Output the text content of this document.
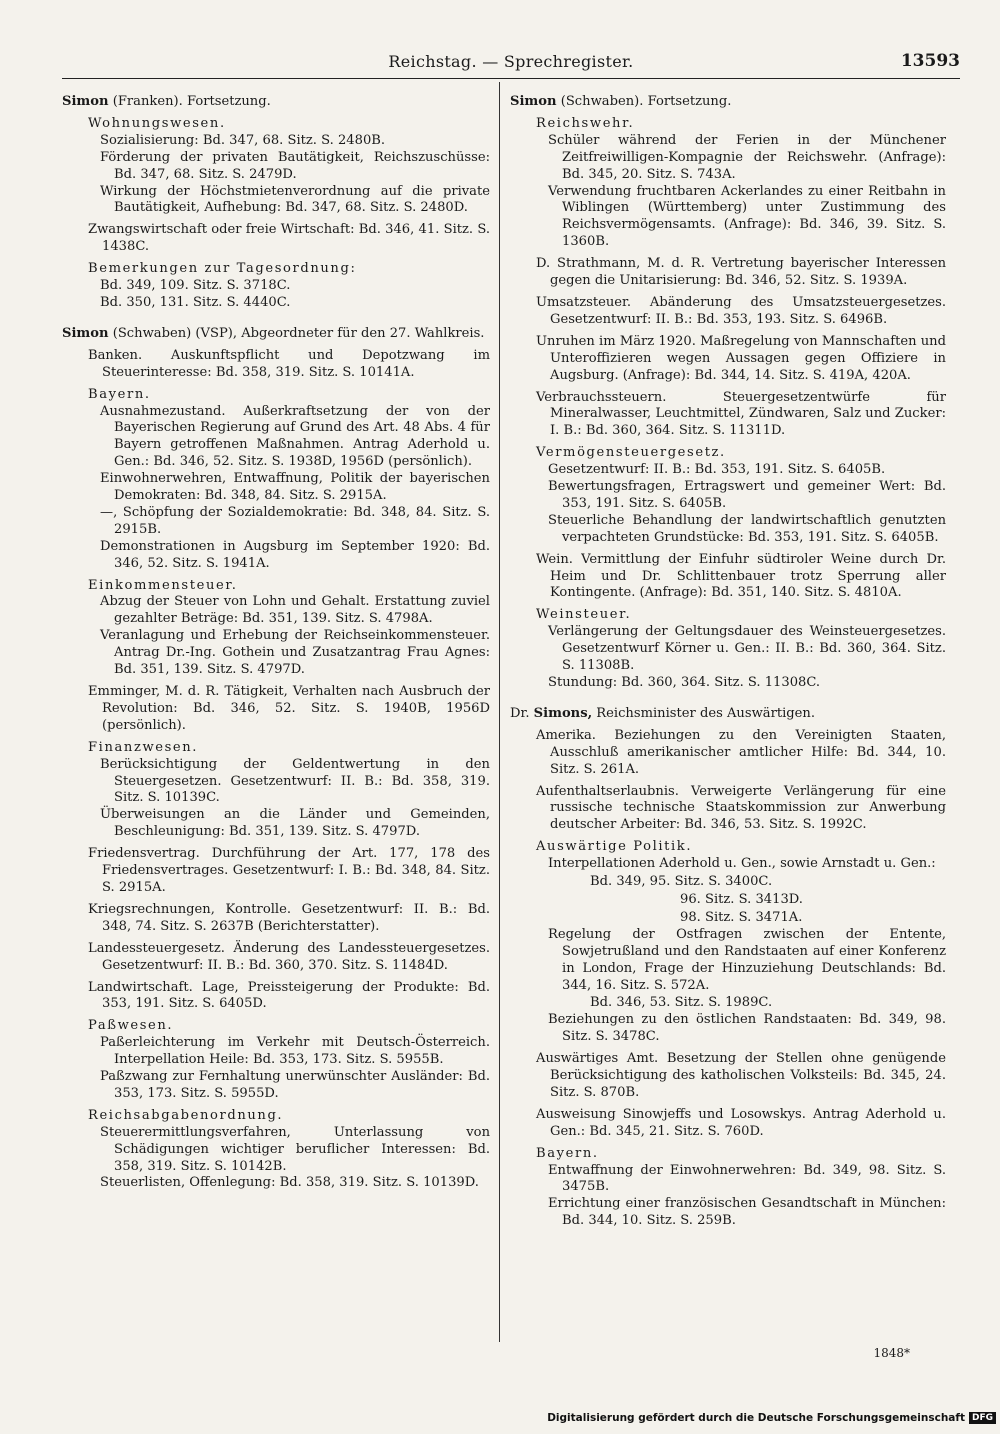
Reichstag. — Sprechregister.	13593
Simon (Franken). Fortsetzung.
Wohnungswesen.
Sozialisierung: Bd. 347, 68. Sitz. S. 2480B.
Förderung der privaten Bautätigkeit, Reichszuschüsse: Bd. 347, 68. Sitz. S. 2479D.
Wirkung der Höchstmietenverordnung auf die private Bautätigkeit, Aufhebung: Bd. 347, 68. Sitz. S. 2480D.
Zwangswirtschaft oder freie Wirtschaft: Bd. 346, 41. Sitz. S. 1438C.
Bemerkungen zur Tagesordnung:
Bd. 349, 109. Sitz. S. 3718C.
Bd. 350, 131. Sitz. S. 4440C.
Simon (Schwaben) (VSP), Abgeordneter für den 27. Wahlkreis.
Banken. Auskunftspflicht und Depotzwang im Steuerinteresse: Bd. 358, 319. Sitz. S. 10141A.
Bayern.
Ausnahmezustand. Außerkraftsetzung der von der Bayerischen Regierung auf Grund des Art. 48 Abs. 4 für Bayern getroffenen Maßnahmen. Antrag Aderhold u. Gen.: Bd. 346, 52. Sitz. S. 1938D, 1956D (persönlich).
Einwohnerwehren, Entwaffnung, Politik der bayerischen Demokraten: Bd. 348, 84. Sitz. S. 2915A.
—, Schöpfung der Sozialdemokratie: Bd. 348, 84. Sitz. S. 2915B.
Demonstrationen in Augsburg im September 1920: Bd. 346, 52. Sitz. S. 1941A.
Einkommensteuer.
Abzug der Steuer von Lohn und Gehalt. Erstattung zuviel gezahlter Beträge: Bd. 351, 139. Sitz. S. 4798A.
Veranlagung und Erhebung der Reichseinkommensteuer. Antrag Dr.-Ing. Gothein und Zusatzantrag Frau Agnes: Bd. 351, 139. Sitz. S. 4797D.
Emminger, M. d. R. Tätigkeit, Verhalten nach Ausbruch der Revolution: Bd. 346, 52. Sitz. S. 1940B, 1956D (persönlich).
Finanzwesen.
Berücksichtigung der Geldentwertung in den Steuergesetzen. Gesetzentwurf: II. B.: Bd. 358, 319. Sitz. S. 10139C.
Überweisungen an die Länder und Gemeinden, Beschleunigung: Bd. 351, 139. Sitz. S. 4797D.
Friedensvertrag. Durchführung der Art. 177, 178 des Friedensvertrages. Gesetzentwurf: I. B.: Bd. 348, 84. Sitz. S. 2915A.
Kriegsrechnungen, Kontrolle. Gesetzentwurf: II. B.: Bd. 348, 74. Sitz. S. 2637B (Berichterstatter).
Landessteuergesetz. Änderung des Landessteuergesetzes. Gesetzentwurf: II. B.: Bd. 360, 370. Sitz. S. 11484D.
Landwirtschaft. Lage, Preissteigerung der Produkte: Bd. 353, 191. Sitz. S. 6405D.
Paßwesen.
Paßerleichterung im Verkehr mit Deutsch-Österreich. Interpellation Heile: Bd. 353, 173. Sitz. S. 5955B.
Paßzwang zur Fernhaltung unerwünschter Ausländer: Bd. 353, 173. Sitz. S. 5955D.
Reichsabgabenordnung.
Steuerermittlungsverfahren, Unterlassung von Schädigungen wichtiger beruflicher Interessen: Bd. 358, 319. Sitz. S. 10142B.
Steuerlisten, Offenlegung: Bd. 358, 319. Sitz. S. 10139D.
Simon (Schwaben). Fortsetzung.
Reichswehr.
Schüler während der Ferien in der Münchener Zeitfreiwilligen-Kompagnie der Reichswehr. (Anfrage): Bd. 345, 20. Sitz. S. 743A.
Verwendung fruchtbaren Ackerlandes zu einer Reitbahn in Wiblingen (Württemberg) unter Zustimmung des Reichsvermögensamts. (Anfrage): Bd. 346, 39. Sitz. S. 1360B.
D. Strathmann, M. d. R. Vertretung bayerischer Interessen gegen die Unitarisierung: Bd. 346, 52. Sitz. S. 1939A.
Umsatzsteuer. Abänderung des Umsatzsteuergesetzes. Gesetzentwurf: II. B.: Bd. 353, 193. Sitz. S. 6496B.
Unruhen im März 1920. Maßregelung von Mannschaften und Unteroffizieren wegen Aussagen gegen Offiziere in Augsburg. (Anfrage): Bd. 344, 14. Sitz. S. 419A, 420A.
Verbrauchssteuern. Steuergesetzentwürfe für Mineralwasser, Leuchtmittel, Zündwaren, Salz und Zucker: I. B.: Bd. 360, 364. Sitz. S. 11311D.
Vermögensteuergesetz.
Gesetzentwurf: II. B.: Bd. 353, 191. Sitz. S. 6405B.
Bewertungsfragen, Ertragswert und gemeiner Wert: Bd. 353, 191. Sitz. S. 6405B.
Steuerliche Behandlung der landwirtschaftlich genutzten verpachteten Grundstücke: Bd. 353, 191. Sitz. S. 6405B.
Wein. Vermittlung der Einfuhr südtiroler Weine durch Dr. Heim und Dr. Schlittenbauer trotz Sperrung aller Kontingente. (Anfrage): Bd. 351, 140. Sitz. S. 4810A.
Weinsteuer.
Verlängerung der Geltungsdauer des Weinsteuergesetzes. Gesetzentwurf Körner u. Gen.: II. B.: Bd. 360, 364. Sitz. S. 11308B.
Stundung: Bd. 360, 364. Sitz. S. 11308C.
Dr. Simons, Reichsminister des Auswärtigen.
Amerika. Beziehungen zu den Vereinigten Staaten, Ausschluß amerikanischer amtlicher Hilfe: Bd. 344, 10. Sitz. S. 261A.
Aufenthaltserlaubnis. Verweigerte Verlängerung für eine russische technische Staatskommission zur Anwerbung deutscher Arbeiter: Bd. 346, 53. Sitz. S. 1992C.
Auswärtige Politik.
Interpellationen Aderhold u. Gen., sowie Arnstadt u. Gen.:
Bd. 349, 95. Sitz. S. 3400C.
96. Sitz. S. 3413D.
98. Sitz. S. 3471A.
Regelung der Ostfragen zwischen der Entente, Sowjetrußland und den Randstaaten auf einer Konferenz in London, Frage der Hinzuziehung Deutschlands: Bd. 344, 16. Sitz. S. 572A.
Bd. 346, 53. Sitz. S. 1989C.
Beziehungen zu den östlichen Randstaaten: Bd. 349, 98. Sitz. S. 3478C.
Auswärtiges Amt. Besetzung der Stellen ohne genügende Berücksichtigung des katholischen Volksteils: Bd. 345, 24. Sitz. S. 870B.
Ausweisung Sinowjeffs und Losowskys. Antrag Aderhold u. Gen.: Bd. 345, 21. Sitz. S. 760D.
Bayern.
Entwaffnung der Einwohnerwehren: Bd. 349, 98. Sitz. S. 3475B.
Errichtung einer französischen Gesandtschaft in München: Bd. 344, 10. Sitz. S. 259B.
1848*
Digitalisierung gefördert durch die Deutsche Forschungsgemeinschaft DFG
